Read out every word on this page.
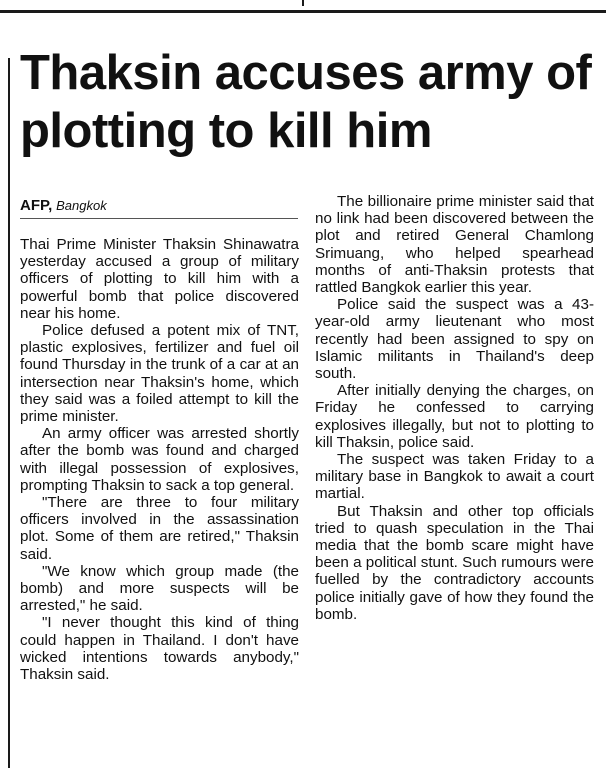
Thaksin accuses army of plotting to kill him
AFP, Bangkok

Thai Prime Minister Thaksin Shinawatra yesterday accused a group of military officers of plotting to kill him with a powerful bomb that police discovered near his home.

Police defused a potent mix of TNT, plastic explosives, fertilizer and fuel oil found Thursday in the trunk of a car at an intersection near Thaksin's home, which they said was a foiled attempt to kill the prime minister.

An army officer was arrested shortly after the bomb was found and charged with illegal possession of explosives, prompting Thaksin to sack a top general.

"There are three to four military officers involved in the assassination plot. Some of them are retired," Thaksin said.

"We know which group made (the bomb) and more suspects will be arrested," he said.

"I never thought this kind of thing could happen in Thailand. I don't have wicked intentions towards anybody," Thaksin said.

The billionaire prime minister said that no link had been discovered between the plot and retired General Chamlong Srimuang, who helped spearhead months of anti-Thaksin protests that rattled Bangkok earlier this year.

Police said the suspect was a 43-year-old army lieutenant who most recently had been assigned to spy on Islamic militants in Thailand's deep south.

After initially denying the charges, on Friday he confessed to carrying explosives illegally, but not to plotting to kill Thaksin, police said.

The suspect was taken Friday to a military base in Bangkok to await a court martial.

But Thaksin and other top officials tried to quash speculation in the Thai media that the bomb scare might have been a political stunt. Such rumours were fuelled by the contradictory accounts police initially gave of how they found the bomb.
